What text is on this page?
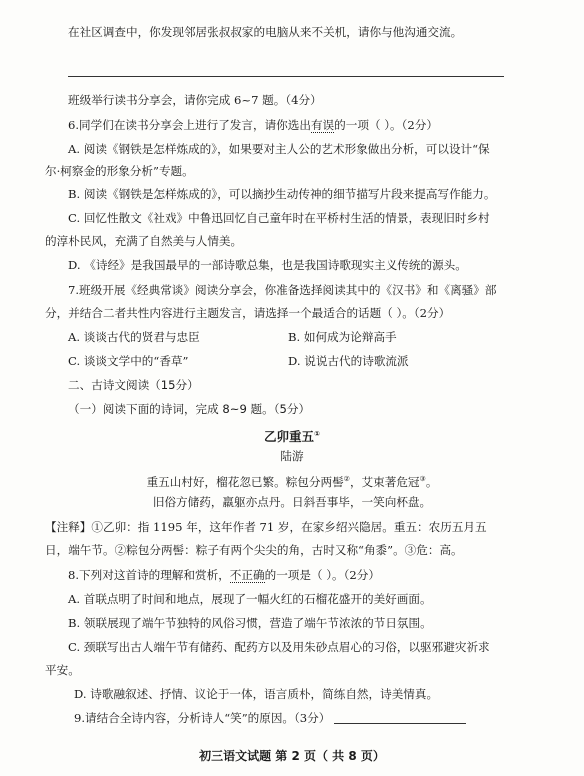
在社区调查中，你发现邻居张叔叔家的电脑从来不关机，请你与他沟通交流。
班级举行读书分享会，请你完成 6~7 题。（4分）
6.同学们在读书分享会上进行了发言，请你选出有误的一项（ ）。（2分）
A. 阅读《钢铁是怎样炼成的》，如果要对主人公的艺术形象做出分析，可以设计“保
尔·柯察金的形象分析”专题。
B. 阅读《钢铁是怎样炼成的》，可以摘抄生动传神的细节描写片段来提高写作能力。
C. 回忆性散文《社戏》中鲁迅回忆自己童年时在平桥村生活的情景，表现旧时乡村
的淳朴民风，充满了自然美与人情美。
D. 《诗经》是我国最早的一部诗歌总集，也是我国诗歌现实主义传统的源头。
7.班级开展《经典常谈》阅读分享会，你准备选择阅读其中的《汉书》和《离骚》部
分，并结合二者共性内容进行主题发言，请选择一个最适合的话题（ ）。（2分）
A. 谈谈古代的贤君与忠臣	B. 如何成为论辩高手
C. 谈谈文学中的“香草”	D. 说说古代的诗歌流派
二、古诗文阅读（15分）
（一）阅读下面的诗词，完成 8~9 题。（5分）
乙卯重五①
陆游
重五山村好，榴花忽已繁。粽包分两髻②，艾束著危冠③。
旧俗方储药，羸躯亦点丹。日斜吾事毕，一笑向杯盘。
【注释】①乙卯：指 1195 年，这年作者 71 岁，在家乡绍兴隐居。重五：农历五月五
日，端午节。②粽包分两髻：粽子有两个尖尖的角，古时又称“角黍”。③危：高。
8.下列对这首诗的理解和赏析，不正确的一项是（ ）。（2分）
A. 首联点明了时间和地点，展现了一幅火红的石榴花盛开的美好画面。
B. 领联展现了端午节独特的风俗习惯，营造了端午节浓浓的节日氛围。
C. 颈联写出古人端午节有储药、配药方以及用朱砂点眉心的习俗，以驱邪避灾祈求
平安。
D. 诗歌融叙述、抒情、议论于一体，语言质朴，简练自然，诗美情真。
9.请结合全诗内容，分析诗人“笑”的原因。（3分）
初三语文试题 第 2 页（ 共 8 页）
